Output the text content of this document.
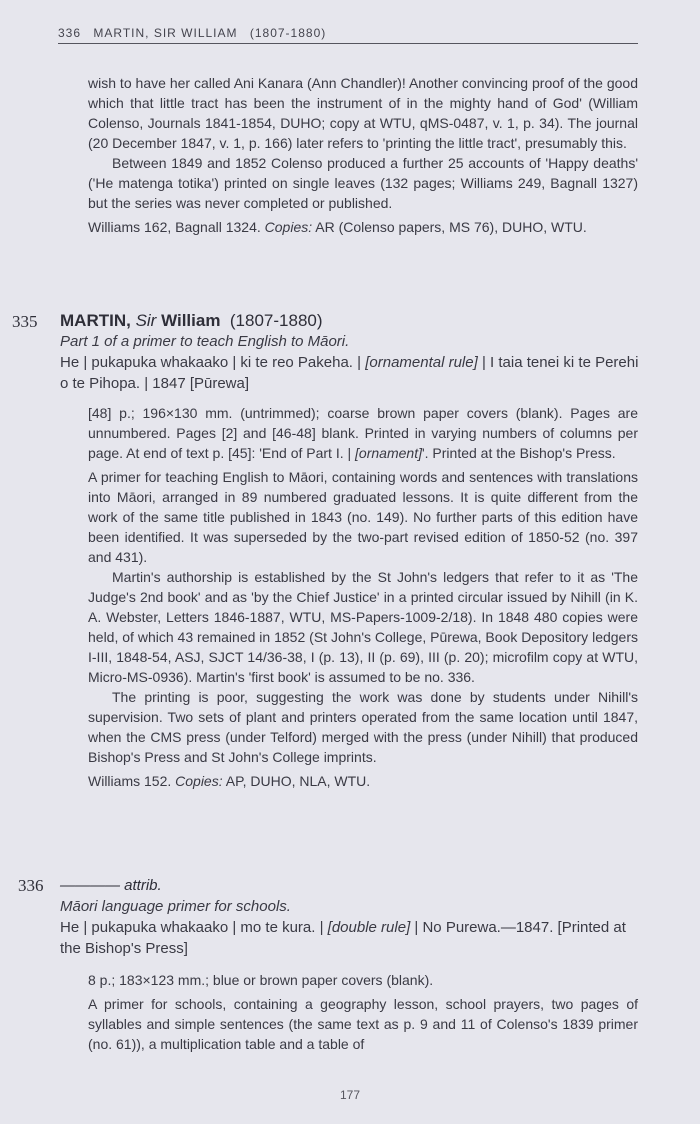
336 MARTIN, SIR WILLIAM (1807-1880)

wish to have her called Ani Kanara (Ann Chandler)! Another convincing proof of the good which that little tract has been the instrument of in the mighty hand of God' (William Colenso, Journals 1841-1854, DUHO; copy at WTU, qMS-0487, v. 1, p. 34). The journal (20 December 1847, v. 1, p. 166) later refers to 'printing the little tract', presumably this.

Between 1849 and 1852 Colenso produced a further 25 accounts of 'Happy deaths' ('He matenga totika') printed on single leaves (132 pages; Williams 249, Bagnall 1327) but the series was never completed or published.

Williams 162, Bagnall 1324. Copies: AR (Colenso papers, MS 76), DUHO, WTU.

335 MARTIN, Sir William (1807-1880)
Part 1 of a primer to teach English to Māori.
He | pukapuka whakaako | ki te reo Pakeha. | [ornamental rule] | I taia tenei ki te Perehi o te Pihopa. | 1847 [Pūrewa]

[48] p.; 196×130 mm. (untrimmed); coarse brown paper covers (blank). Pages are unnumbered. Pages [2] and [46-48] blank. Printed in varying numbers of columns per page. At end of text p. [45]: 'End of Part I. | [ornament]'. Printed at the Bishop's Press.

A primer for teaching English to Māori, containing words and sentences with translations into Māori, arranged in 89 numbered graduated lessons. It is quite different from the work of the same title published in 1843 (no. 149). No further parts of this edition have been identified. It was superseded by the two-part revised edition of 1850-52 (no. 397 and 431).

Martin's authorship is established by the St John's ledgers that refer to it as 'The Judge's 2nd book' and as 'by the Chief Justice' in a printed circular issued by Nihill (in K. A. Webster, Letters 1846-1887, WTU, MS-Papers-1009-2/18). In 1848 480 copies were held, of which 43 remained in 1852 (St John's College, Pūrewa, Book Depository ledgers I-III, 1848-54, ASJ, SJCT 14/36-38, I (p. 13), II (p. 69), III (p. 20); microfilm copy at WTU, Micro-MS-0936). Martin's 'first book' is assumed to be no. 336.

The printing is poor, suggesting the work was done by students under Nihill's supervision. Two sets of plant and printers operated from the same location until 1847, when the CMS press (under Telford) merged with the press (under Nihill) that produced Bishop's Press and St John's College imprints.

Williams 152. Copies: AP, DUHO, NLA, WTU.

336 ———— attrib.
Māori language primer for schools.
He | pukapuka whakaako | mo te kura. | [double rule] | No Purewa.—1847. [Printed at the Bishop's Press]

8 p.; 183×123 mm.; blue or brown paper covers (blank).

A primer for schools, containing a geography lesson, school prayers, two pages of syllables and simple sentences (the same text as p. 9 and 11 of Colenso's 1839 primer (no. 61)), a multiplication table and a table of

177
